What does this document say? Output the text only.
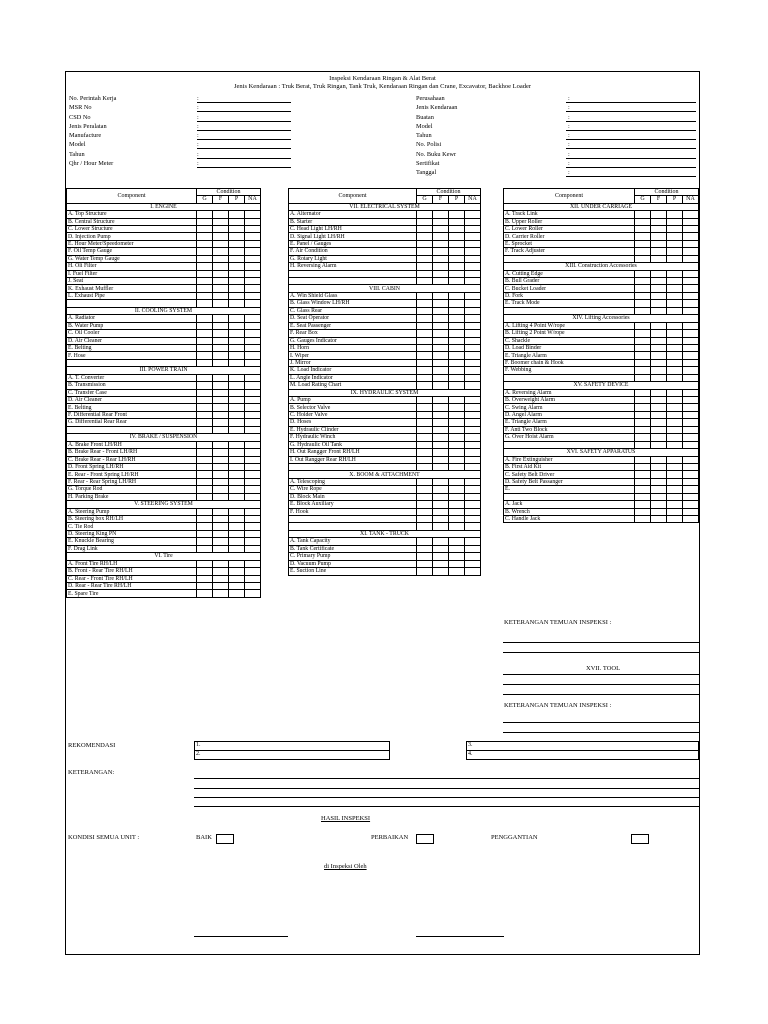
Inspeksi Kendaraan Ringan & Alat Berat
Jenis Kendaraan : Truk Berat, Truk Ringan, Tank Truk, Kendaraan Ringan dan Crane, Excavator, Backhoe Loader
No. Perintah Kerja	:
MSR No	:
CSD No	:
Jenis Peralatan	:
Manufacture	:
Model	:
Tahun	:
Qhr / Hour Meter	:
Perusahaan	:
Jenis Kendaraan	:
Buatan	:
Model	:
Tahun	:
No. Polisi	:
No. Buku Kewr	:
Sertifikat	:
Tanggal	:
Component	Condition			
	G	F	P	NA
I. ENGINE				
A. Top Structure				
B. Central Structure				
C. Lower Structure				
D. Injection Pump				
E. Hour Meter/Speedometer				
F. Oil Temp Gauge				
G. Water Temp Gauge				
H. Oli Filter				
I. Fuel Filter				
J. Seat				
K. Exhaust Muffler				
L. Exhaust Pipe				

II. COOLING SYSTEM				
A. Radiator				
B. Water Pump				
C. Oil Cooler				
D. Air Cleaner				
E. Belting				
F. Hose				

III. POWER TRAIN				
A. T. Converter				
B. Transmission				
C. Transfer Case				
D. Air Cleaner				
E. Belting				
F. Differential Rear Front				
G. Differential Rear Rear				

IV. BRAKE / SUSPENSION				
A. Brake Front LH/RH				
B. Brake Rear - Front LH/RH				
C. Brake Rear - Rear LH/RH				
D. Front Spring LH/RH				
E. Rear - Front Spring LH/RH				
F. Rear - Rear Spring LH/RH				
G. Torque Rod				
H. Parking Brake				
V. STEERING SYSTEM				
A. Steering Pump				
B. Steering box RH/LH				
C. Tie Rod				
D. Steering King PN				
E. Knuckle Bearing				
F. Drag Link				
VI. Tire				
A. Front Tire RH/LH				
B. Front - Rear Tire RH/LH				
C. Rear - Front Tire RH/LH				
D. Rear - Rear Tire RH/LH				
E. Spare Tire				
Component	Condition			
	G	F	P	NA
VII. ELECTRICAL SYSTEM				
A. Alternator				
B. Starter				
C. Head Light LH/RH				
D. Signal Light LH/RH				
E. Panel / Gauges				
F. Air Condition				
G. Rotary Light				
H. Reversing Alarm				

VIII. CABIN				
A. Win Shield Glass				
B. Glass Window LH/RH				
C. Glass Rear				
D. Seat Operator				
E. Seat Passenger				
F. Rear Box				
G. Gauges Indicator				
H. Horn				
I. Wiper				
J. Mirror				
K. Load Indicator				
L. Angle Indicator				
M. Load Rating Chart				
IX. HYDRAULIC SYSTEM				
A. Pump				
B. Selector Valve				
C. Holder Valve				
D. Hoses				
E. Hydraulic Clinder				
F. Hydraulic Winch				
G. Hydraulic Oil Tank				
H. Out Rangger Front RH/LH				
I. Out Rangger Rear RH/LH				

X. BOOM & ATTACHMENT				
A. Telescoping				
C. Wire Rope				
D. Block Main				
E. Block Auxiliary				
F. Hook				

XI. TANK - TRUCK				
A. Tank Capacity				
B. Tank Certificate				
C. Primary Pump				
D. Vacuum Pump				
E. Suction Line				
Component	Condition			
	G	F	P	NA
XII. UNDER CARRIAGE				
A. Track Link				
B. Upper Roller				
C. Lower Roller				
D. Carrier Roller				
E. Sprocket				
F. Track Adjuster				

XIII. Construction Accessories				
A. Cutting Edge				
B. Bull Grader				
C. Bucket Loader				
D. Fork				
E. Track Mode				

XIV. Lifting Accessories				
A. Lifting 4 Point W/rope				
B. Lifting 2 Point W/rope				
C. Shackle				
D. Load Binder				
E. Triangle Alarm				
F. Boomer chain & Hook				
F. Webbing				

XV. SAFETY DEVICE				
A. Reversing Alarm				
B. Overweight Alarm				
C. Swing Alarm				
D. Angel Alarm				
E. Triangle Alarm				
F. Anti Two Block				
G. Over Hoist Alarm				

XVI. SAFETY APPARATUS				
A. Fire Extinguisher				
B. First Aid Kit				
C. Safety Belt Driver				
D. Safety Belt Passanger				
E.				

A. Jack				
B. Wrench				
C. Handle Jack				
KETERANGAN TEMUAN INSPEKSI :
XVII. TOOL
KETERANGAN TEMUAN INSPEKSI :
REKOMENDASI	1.
2.
3.
4.
KETERANGAN:
HASIL INSPEKSI
KONDISI SEMUA UNIT :	BAIK	PERBAIKAN	PENGGANTIAN
di Inspeksi Oleh
